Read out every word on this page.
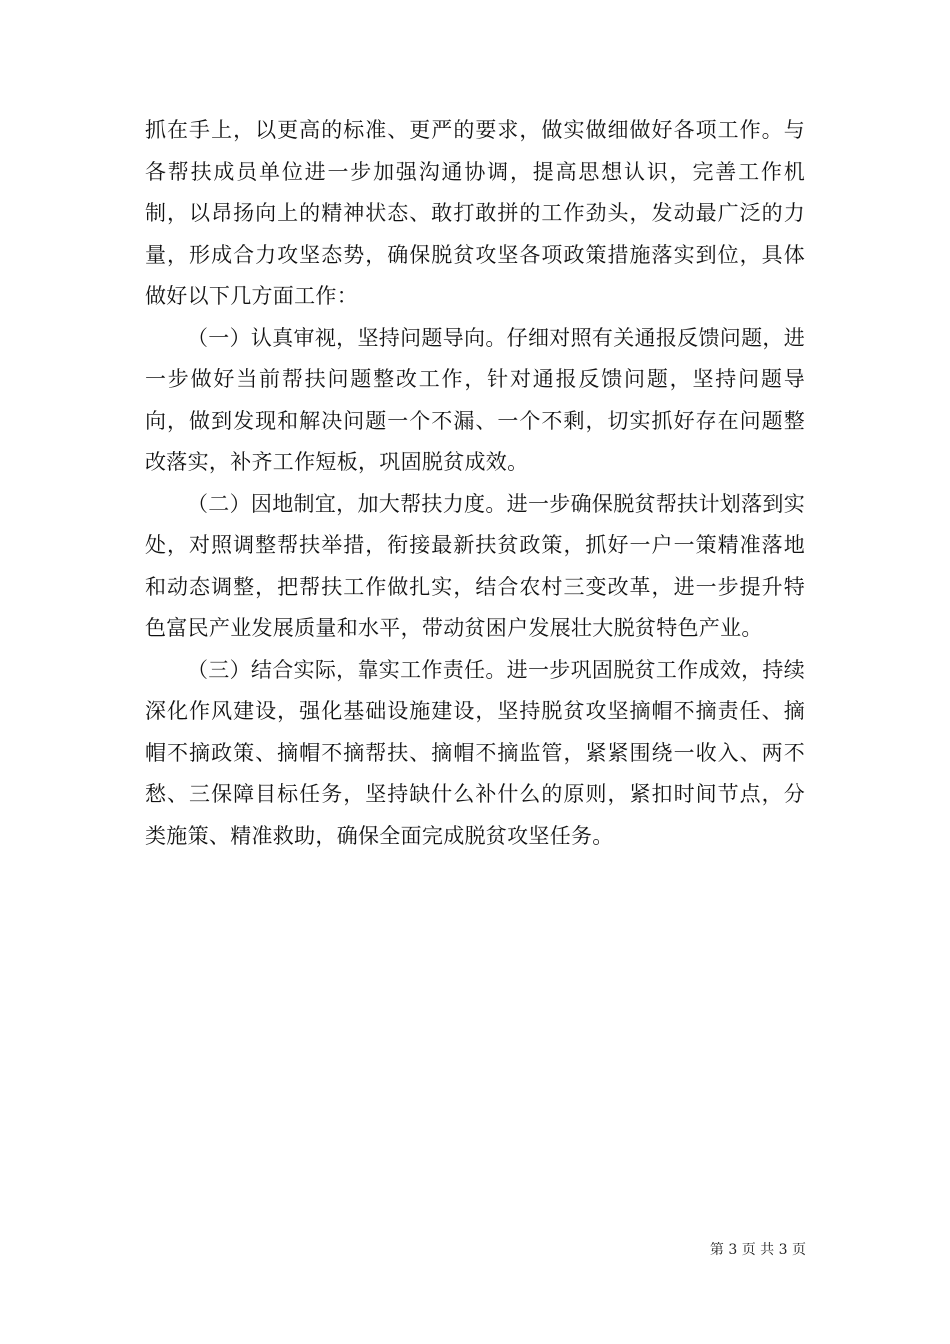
抓在手上，以更高的标准、更严的要求，做实做细做好各项工作。与各帮扶成员单位进一步加强沟通协调，提高思想认识，完善工作机制，以昂扬向上的精神状态、敢打敢拼的工作劲头，发动最广泛的力量，形成合力攻坚态势，确保脱贫攻坚各项政策措施落实到位，具体做好以下几方面工作：

（一）认真审视，坚持问题导向。仔细对照有关通报反馈问题，进一步做好当前帮扶问题整改工作，针对通报反馈问题，坚持问题导向，做到发现和解决问题一个不漏、一个不剩，切实抓好存在问题整改落实，补齐工作短板，巩固脱贫成效。

（二）因地制宜，加大帮扶力度。进一步确保脱贫帮扶计划落到实处，对照调整帮扶举措，衔接最新扶贫政策，抓好一户一策精准落地和动态调整，把帮扶工作做扎实，结合农村三变改革，进一步提升特色富民产业发展质量和水平，带动贫困户发展壮大脱贫特色产业。

（三）结合实际，靠实工作责任。进一步巩固脱贫工作成效，持续深化作风建设，强化基础设施建设，坚持脱贫攻坚摘帽不摘责任、摘帽不摘政策、摘帽不摘帮扶、摘帽不摘监管，紧紧围绕一收入、两不愁、三保障目标任务，坚持缺什么补什么的原则，紧扣时间节点，分类施策、精准救助，确保全面完成脱贫攻坚任务。

第 3 页 共 3 页
